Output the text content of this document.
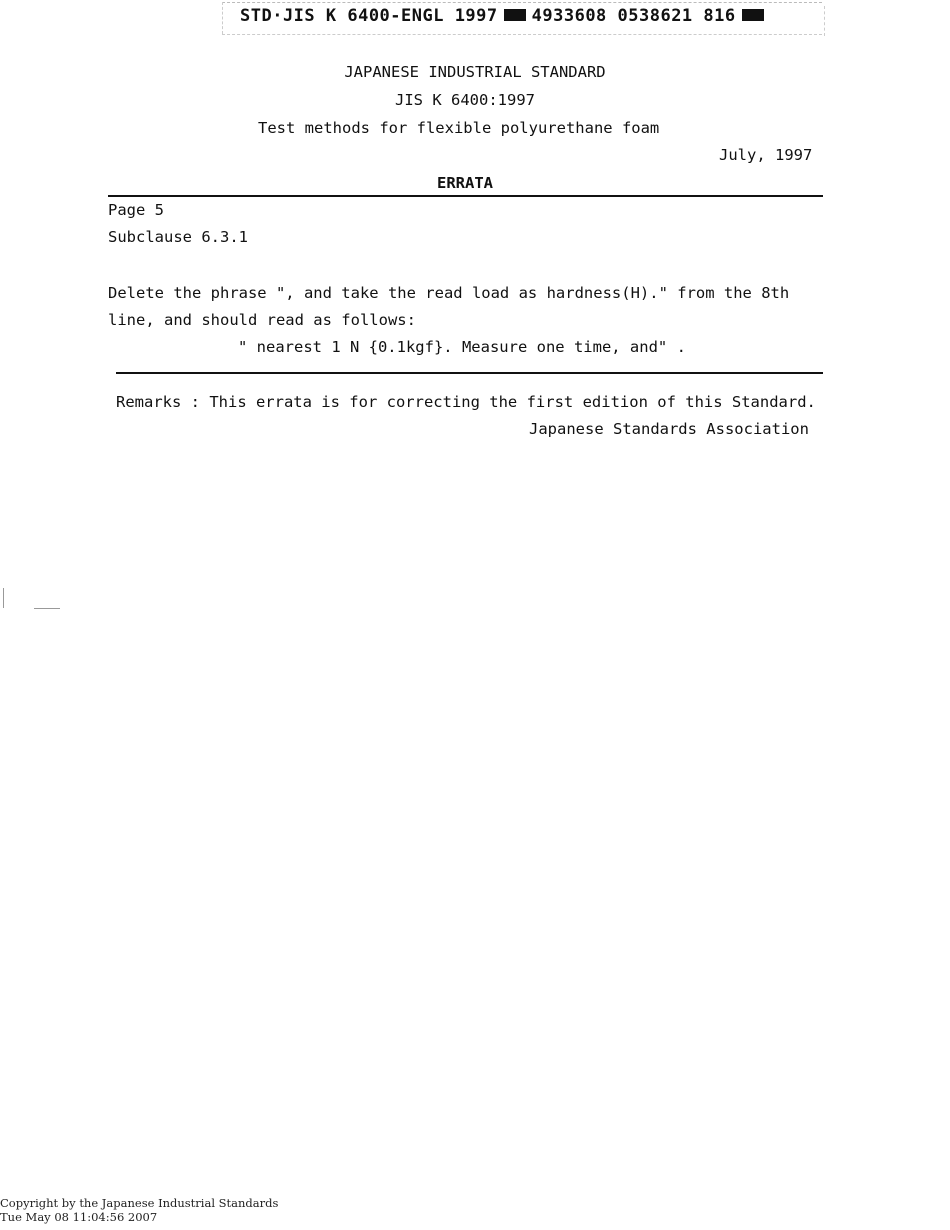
STD·JIS K 6400-ENGL 1997 4933608 0538621 816
JAPANESE INDUSTRIAL STANDARD
JIS K 6400:1997
Test methods for flexible polyurethane foam
July, 1997
ERRATA
Page 5
Subclause 6.3.1
Delete the phrase ", and take the read load as hardness(H)." from the 8th
line, and should read as follows:
" nearest 1 N {0.1kgf}. Measure one time, and" .
Remarks : This errata is for correcting the first edition of this Standard.
Japanese Standards Association
Copyright by the Japanese Industrial Standards
Tue May 08 11:04:56 2007
